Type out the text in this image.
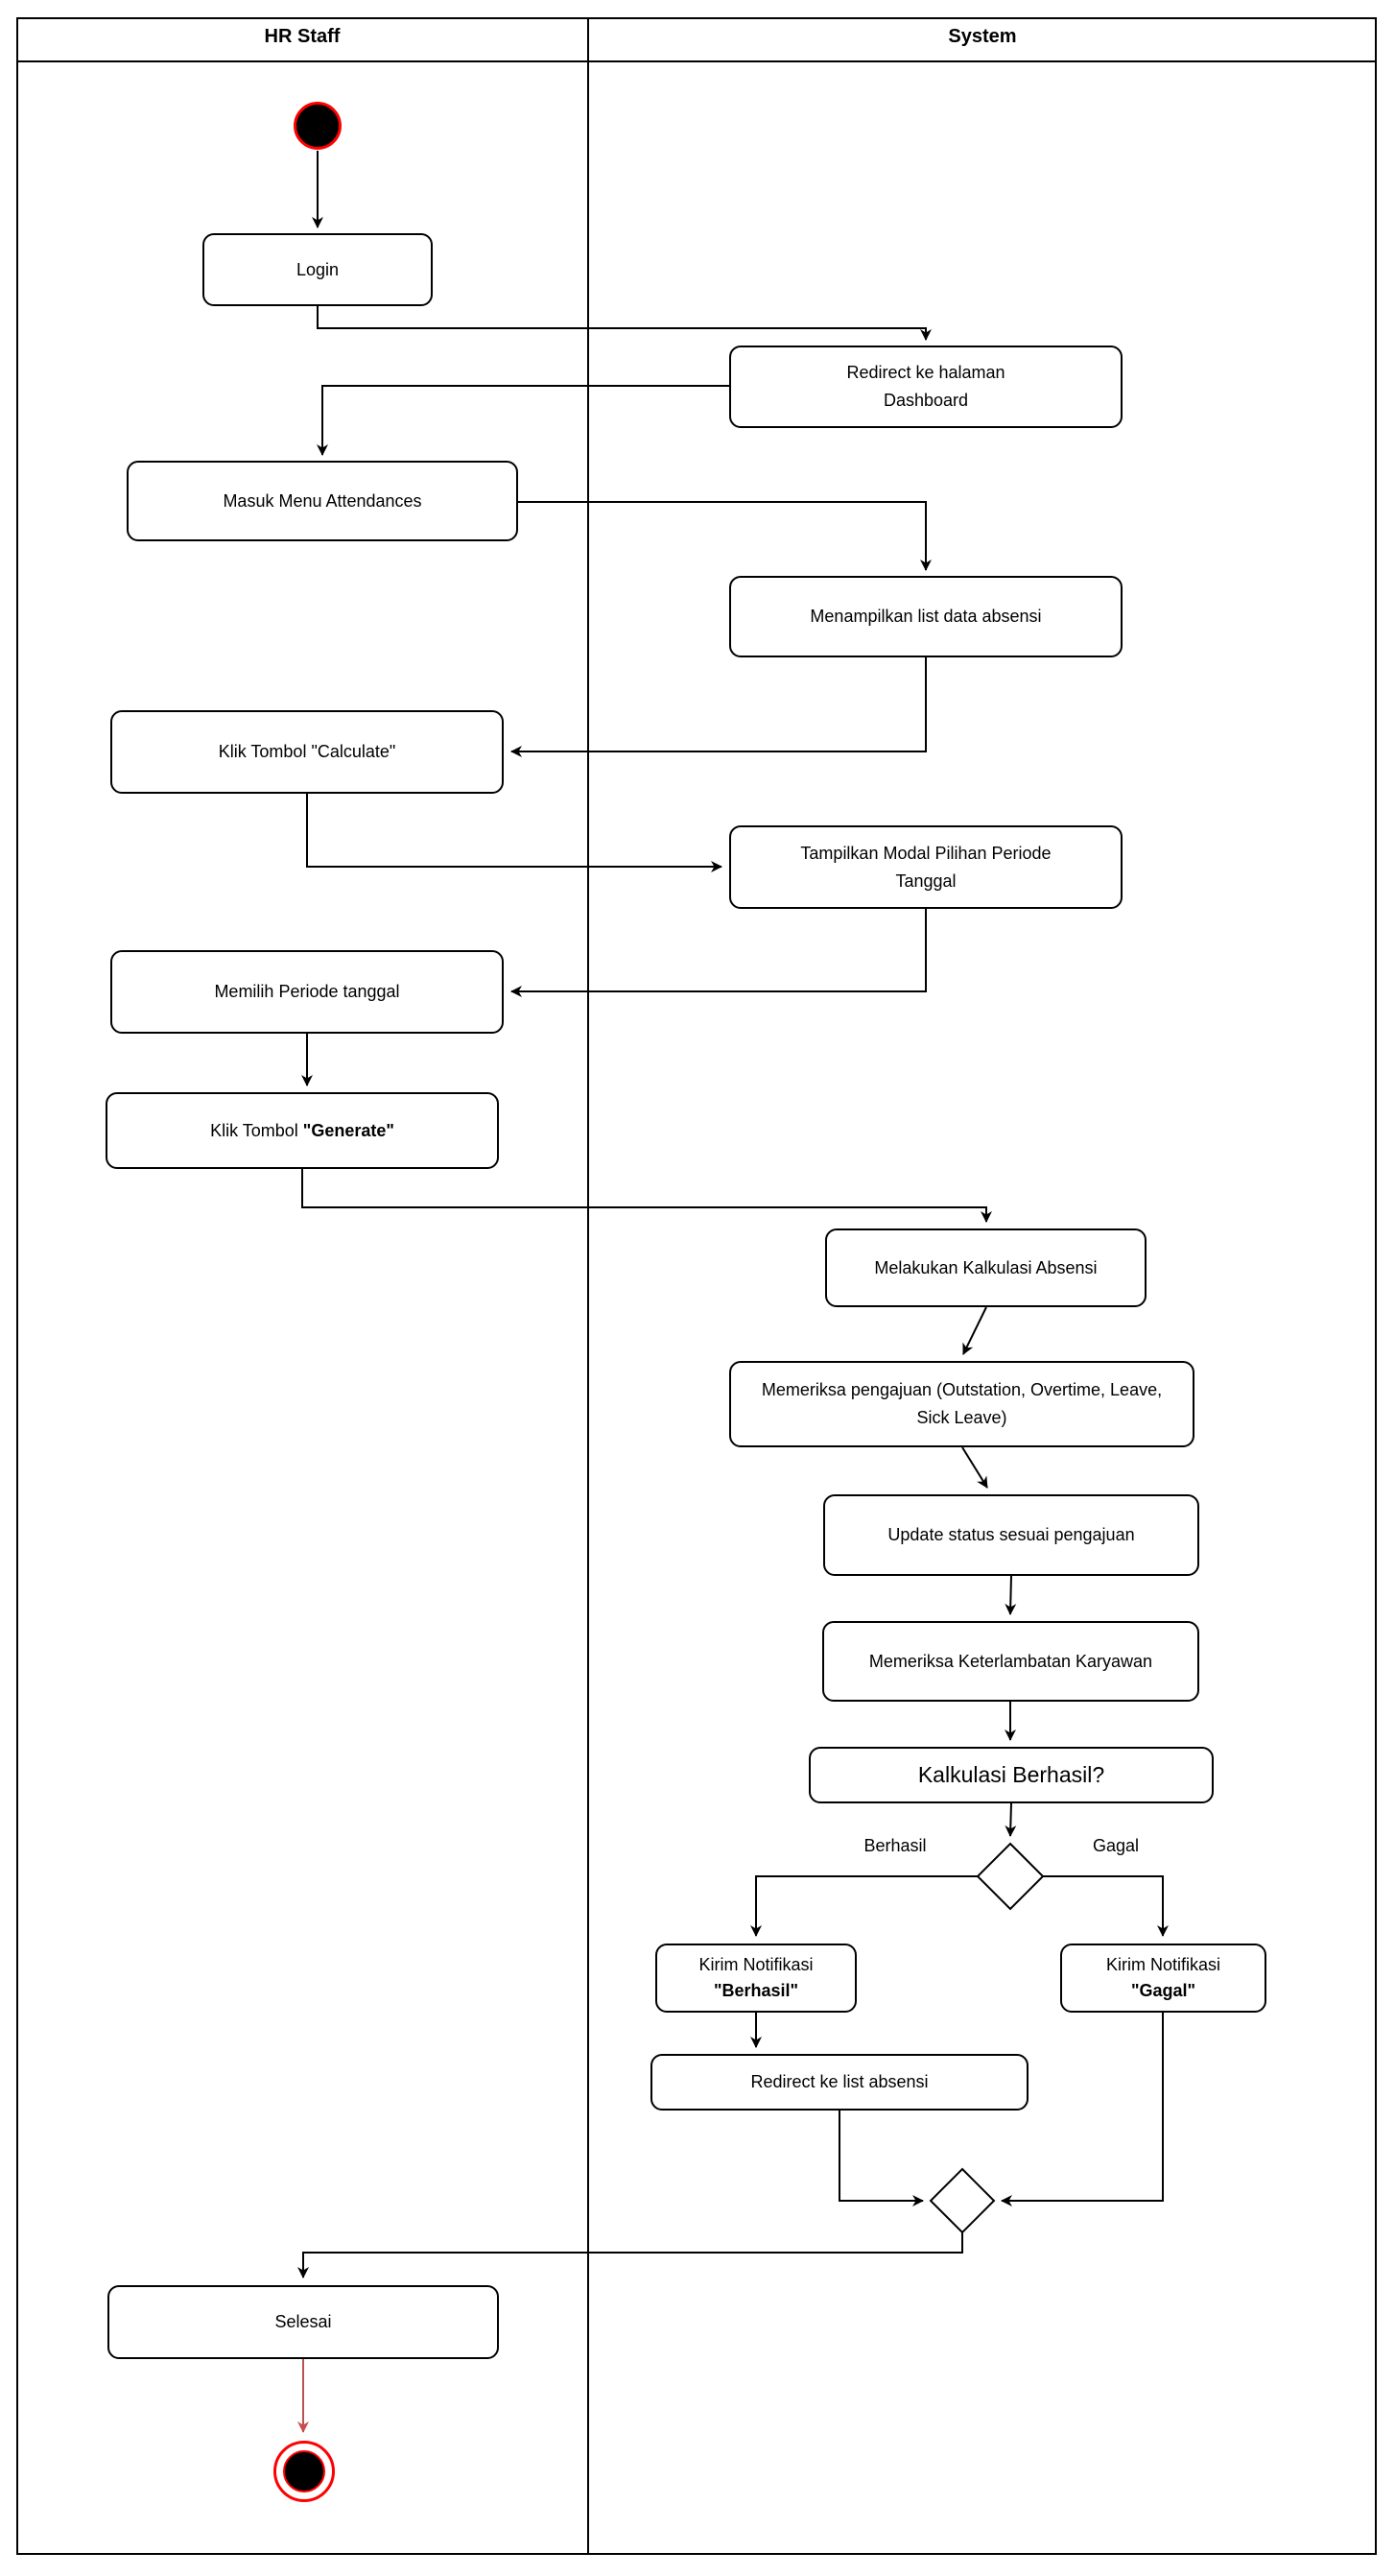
HR Staff	System
Login
Redirect ke halaman
Dashboard
Masuk Menu Attendances
Menampilkan list data absensi
Klik Tombol "Calculate"
Tampilkan Modal Pilihan Periode
Tanggal
Memilih Periode tanggal
Klik Tombol "Generate"
Melakukan Kalkulasi Absensi
Memeriksa pengajuan (Outstation, Overtime, Leave,
Sick Leave)
Update status sesuai pengajuan
Memeriksa Keterlambatan Karyawan
Kalkulasi Berhasil?
Berhasil	Gagal
Kirim Notifikasi
"Berhasil"
Kirim Notifikasi
"Gagal"
Redirect ke list absensi
Selesai
